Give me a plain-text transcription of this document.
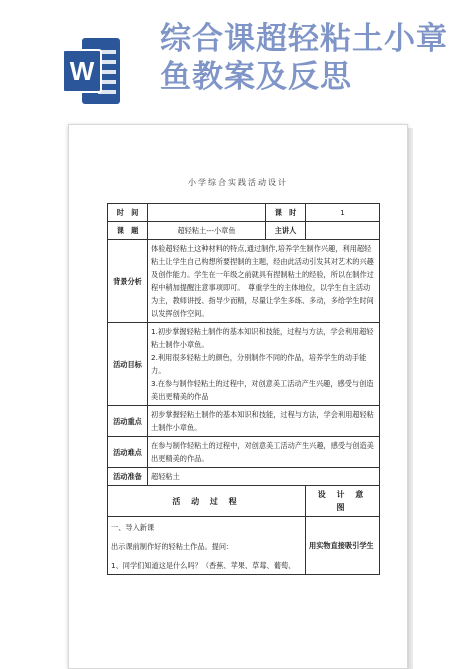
W
综合课超轻粘土小章鱼教案及反思
小学综合实践活动设计
时　间		课　时	1
课　题	超轻粘土---小章鱼	主讲人	
背景分析	体验超轻粘土这种材料的特点,通过制作,培养学生制作兴趣，利用超轻粘土让学生自己构想所要捏制的主题，经由此活动引发其对艺术的兴趣及创作能力。学生在一年级之前就具有捏制粘土的经验，所以在制作过程中稍加提醒注意事项即可。　尊重学生的主体地位，以学生自主活动为主，教师讲授、指导少而精，尽量让学生多练、多动，多给学生时间以发挥创作空间。		
活动目标	1.初步掌握轻粘土制作的基本知识和技能，过程与方法，学会利用超轻粘土制作小章鱼。
2.利用很多轻粘土的颜色，分别制作不同的作品，培养学生的动手能力。
3.在参与制作轻粘土的过程中，对创意美工活动产生兴趣，感受与创造美出更精美的作品		

活动重点	初步掌握轻粘土制作的基本知识和技能，过程与方法，学会利用超轻粘土制作小章鱼。		
活动难点	在参与制作轻粘土的过程中，对创意美工活动产生兴趣，感受与创造美出更精美的作品。		
活动准备	超轻粘土		
活 动 过 程			设 计 意 图

一、导入新课
出示课前制作好的轻粘土作品。提问：
1、同学们知道这是什么吗？（香蕉、苹果、草莓、葡萄、			用实物直接吸引学生
